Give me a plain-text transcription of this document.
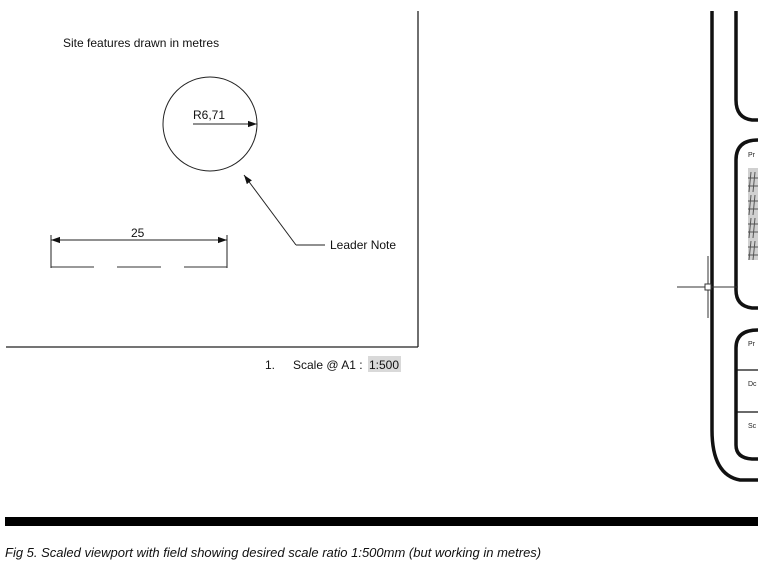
Site features drawn in metres
R6,71
Leader Note
25
1. Scale @ A1 : 1:500
Pr
Pr
Dc
Sc
Fig 5. Scaled viewport with field showing desired scale ratio 1:500mm (but working in metres)
